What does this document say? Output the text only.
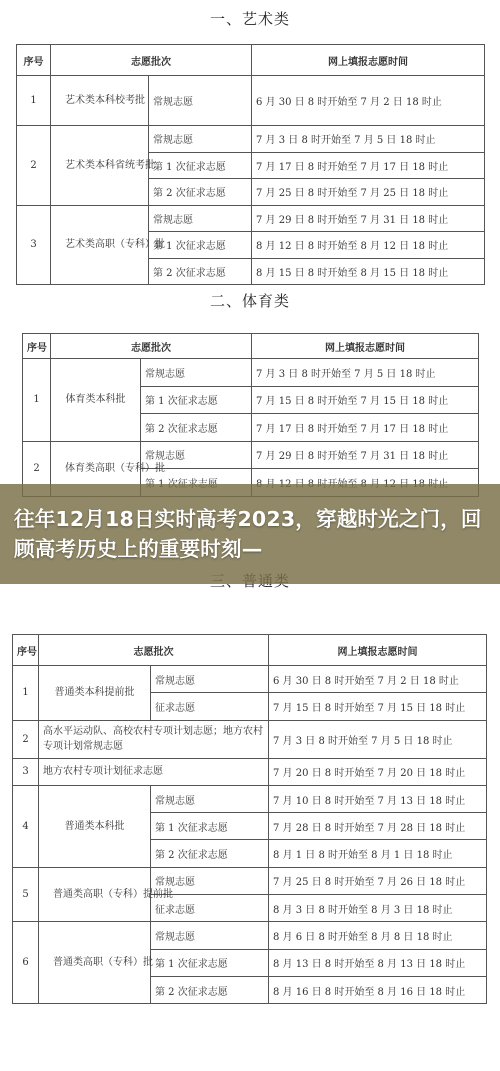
一、艺术类
序号	志愿批次		网上填报志愿时间
1	艺术类本科校考批	常规志愿	6 月 30 日 8 时开始至 7 月 2 日 18 时止
2	艺术类本科省统考批	常规志愿	7 月 3 日 8 时开始至 7 月 5 日 18 时止
		第 1 次征求志愿	7 月 17 日 8 时开始至 7 月 17 日 18 时止
		第 2 次征求志愿	7 月 25 日 8 时开始至 7 月 25 日 18 时止
3	艺术类高职（专科）批	常规志愿	7 月 29 日 8 时开始至 7 月 31 日 18 时止
		第 1 次征求志愿	8 月 12 日 8 时开始至 8 月 12 日 18 时止
		第 2 次征求志愿	8 月 15 日 8 时开始至 8 月 15 日 18 时止
二、体育类
序号	志愿批次		网上填报志愿时间
1	体育类本科批	常规志愿	7 月 3 日 8 时开始至 7 月 5 日 18 时止
		第 1 次征求志愿	7 月 15 日 8 时开始至 7 月 15 日 18 时止
		第 2 次征求志愿	7 月 17 日 8 时开始至 7 月 17 日 18 时止
2	体育类高职（专科）批	常规志愿	7 月 29 日 8 时开始至 7 月 31 日 18 时止

序号	志愿批次		网上填报志愿时间
1	普通类本科提前批	常规志愿	6 月 30 日 8 时开始至 7 月 2 日 18 时止
		征求志愿	7 月 15 日 8 时开始至 7 月 15 日 18 时止
2	高水平运动队、高校农村专项计划志愿；地方农村专项计划常规志愿		7 月 3 日 8 时开始至 7 月 5 日 18 时止
3	地方农村专项计划征求志愿		7 月 20 日 8 时开始至 7 月 20 日 18 时止
4	普通类本科批	常规志愿	7 月 10 日 8 时开始至 7 月 13 日 18 时止
		第 1 次征求志愿	7 月 28 日 8 时开始至 7 月 28 日 18 时止
		第 2 次征求志愿	8 月 1 日 8 时开始至 8 月 1 日 18 时止
5	普通类高职（专科）提前批	常规志愿	7 月 25 日 8 时开始至 7 月 26 日 18 时止
		征求志愿	8 月 3 日 8 时开始至 8 月 3 日 18 时止
6	普通类高职（专科）批	常规志愿	8 月 6 日 8 时开始至 8 月 8 日 18 时止
		第 1 次征求志愿	8 月 13 日 8 时开始至 8 月 13 日 18 时止
		第 2 次征求志愿	8 月 16 日 8 时开始至 8 月 16 日 18 时止
往年12月18日实时高考2023，穿越时光之门，回顾高考历史上的重要时刻—
